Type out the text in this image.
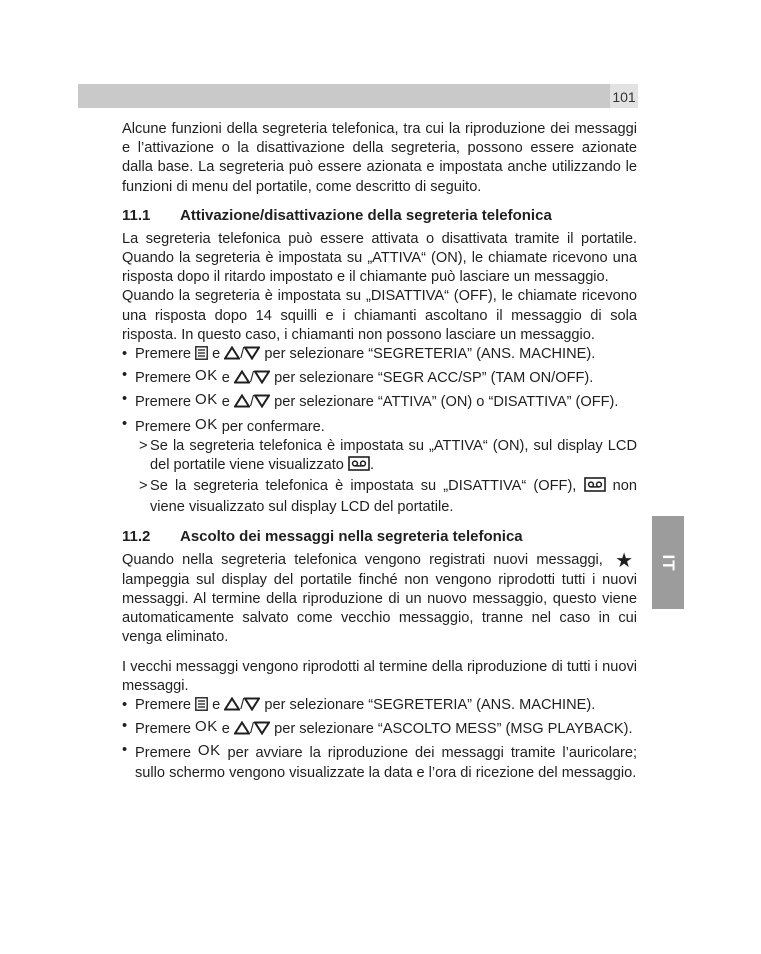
101
IT

Alcune funzioni della segreteria telefonica, tra cui la riproduzione dei messaggi e l’attivazione o la disattivazione della segreteria, possono essere azionate dalla base. La segreteria può essere azionata e impostata anche utilizzando le funzioni di menu del portatile, come descritto di seguito.

11.1 Attivazione/disattivazione della segreteria telefonica

La segreteria telefonica può essere attivata o disattivata tramite il portatile. Quando la segreteria è impostata su „ATTIVA“ (ON), le chiamate ricevono una risposta dopo il ritardo impostato e il chiamante può lasciare un messaggio.

Quando la segreteria è impostata su „DISATTIVA“ (OFF), le chiamate ricevono una risposta dopo 14 squilli e i chiamanti ascoltano il messaggio di sola risposta. In questo caso, i chiamanti non possono lasciare un messaggio.

• Premere e / per selezionare “SEGRETERIA” (ANS. MACHINE).
• Premere OK e / per selezionare “SEGR ACC/SP” (TAM ON/OFF).
• Premere OK e / per selezionare “ATTIVA” (ON) o “DISATTIVA” (OFF).
• Premere OK per confermare.
> Se la segreteria telefonica è impostata su „ATTIVA“ (ON), sul display LCD del portatile viene visualizzato .
> Se la segreteria telefonica è impostata su „DISATTIVA“ (OFF), non viene visualizzato sul display LCD del portatile.
11.2 Ascolto dei messaggi nella segreteria telefonica

Quando nella segreteria telefonica vengono registrati nuovi messaggi, ★ lampeggia sul display del portatile finché non vengono riprodotti tutti i nuovi messaggi. Al termine della riproduzione di un nuovo messaggio, questo viene automaticamente salvato come vecchio messaggio, tranne nel caso in cui venga eliminato.

I vecchi messaggi vengono riprodotti al termine della riproduzione di tutti i nuovi messaggi.

• Premere e / per selezionare “SEGRETERIA” (ANS. MACHINE).
• Premere OK e / per selezionare “ASCOLTO MESS” (MSG PLAYBACK).
• Premere OK per avviare la riproduzione dei messaggi tramite l’auricolare; sullo schermo vengono visualizzate la data e l’ora di ricezione del messaggio.
